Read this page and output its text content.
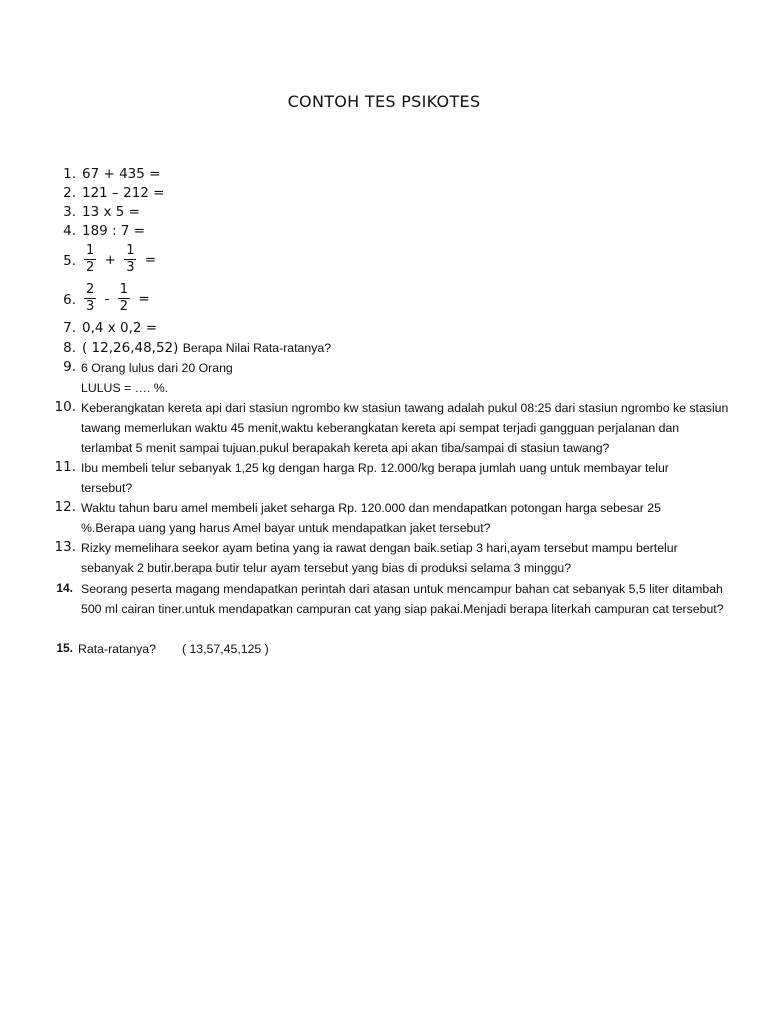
CONTOH TES PSIKOTES
1. 67 + 435 =
2. 121 – 212 =
3. 13 x 5 =
4. 189 : 7 =
5. $\frac{1}{2} + \frac{1}{3}$ =
6. $\frac{2}{3} - \frac{1}{2}$ =
7. 0,4 x 0,2 =
8. ( 12,26,48,52) Berapa Nilai Rata-ratanya?
9. 6 Orang lulus dari 20 Orang
LULUS = …. %.
10. Keberangkatan kereta api dari stasiun ngrombo kw stasiun tawang adalah pukul 08:25 dari stasiun ngrombo ke stasiun tawang memerlukan waktu 45 menit,waktu keberangkatan kereta api sempat terjadi gangguan perjalanan dan terlambat 5 menit sampai tujuan.pukul berapakah kereta api akan tiba/sampai di stasiun tawang?
11. Ibu membeli telur sebanyak 1,25 kg dengan harga Rp. 12.000/kg berapa jumlah uang untuk membayar telur tersebut?
12. Waktu tahun baru amel membeli jaket seharga Rp. 120.000 dan mendapatkan potongan harga sebesar 25 %.Berapa uang yang harus Amel bayar untuk mendapatkan jaket tersebut?
13. Rizky memelihara seekor ayam betina yang ia rawat dengan baik.setiap 3 hari,ayam tersebut mampu bertelur sebanyak 2 butir.berapa butir telur ayam tersebut yang bias di produksi selama 3 minggu?
14. Seorang peserta magang mendapatkan perintah dari atasan untuk mencampur bahan cat sebanyak 5,5 liter ditambah 500 ml cairan tiner.untuk mendapatkan campuran cat yang siap pakai.Menjadi berapa literkah campuran cat tersebut?
15. Rata-ratanya? ( 13,57,45,125 )
